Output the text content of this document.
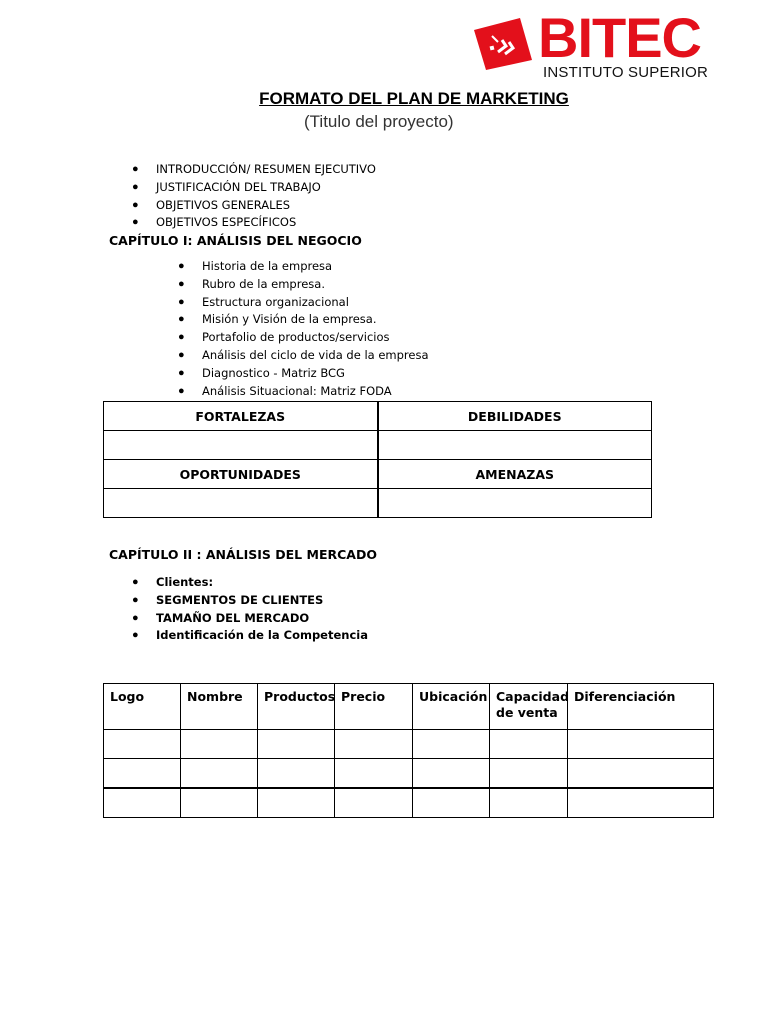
BITEC
INSTITUTO SUPERIOR
FORMATO DEL PLAN DE MARKETING
(Titulo del proyecto)
● INTRODUCCIÓN/ RESUMEN EJECUTIVO
● JUSTIFICACIÓN DEL TRABAJO
● OBJETIVOS GENERALES
● OBJETIVOS ESPECÍFICOS
CAPÍTULO I: ANÁLISIS DEL NEGOCIO
● Historia de la empresa
● Rubro de la empresa.
● Estructura organizacional
● Misión y Visión de la empresa.
● Portafolio de productos/servicios
● Análisis del ciclo de vida de la empresa
● Diagnostico - Matriz BCG
● Análisis Situacional: Matriz FODA
FORTALEZAS	DEBILIDADES

OPORTUNIDADES	AMENAZAS

CAPÍTULO II : ANÁLISIS DEL MERCADO
● Clientes:
● SEGMENTOS DE CLIENTES
● TAMAÑO DEL MERCADO
● Identificación de la Competencia
Logo	Nombre	Productos	Precio	Ubicación	Capacidad de venta	Diferenciación
